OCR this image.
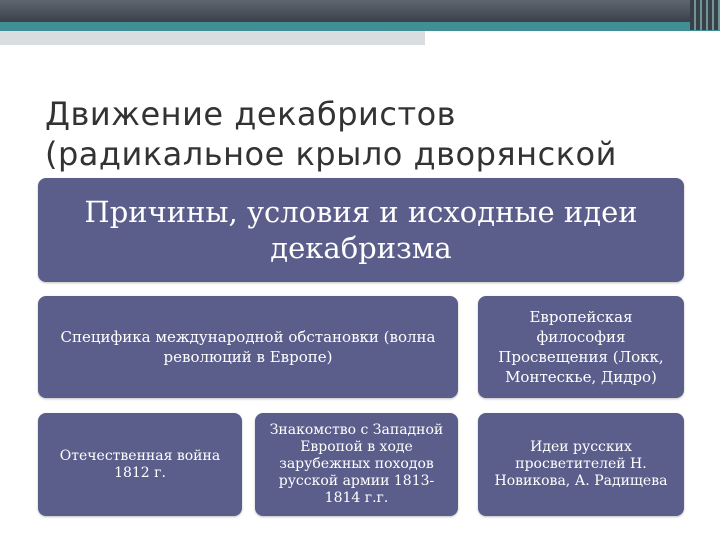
Движение декабристов (радикальное крыло дворянской
Причины, условия и исходные идеи декабризма
Специфика международной обстановки (волна революций в Европе)
Европейская философия Просвещения (Локк, Монтескье, Дидро)
Отечественная война 1812 г.
Знакомство с Западной Европой в ходе зарубежных походов русской армии 1813-1814 г.г.
Идеи русских просветителей Н. Новикова, А. Радищева
